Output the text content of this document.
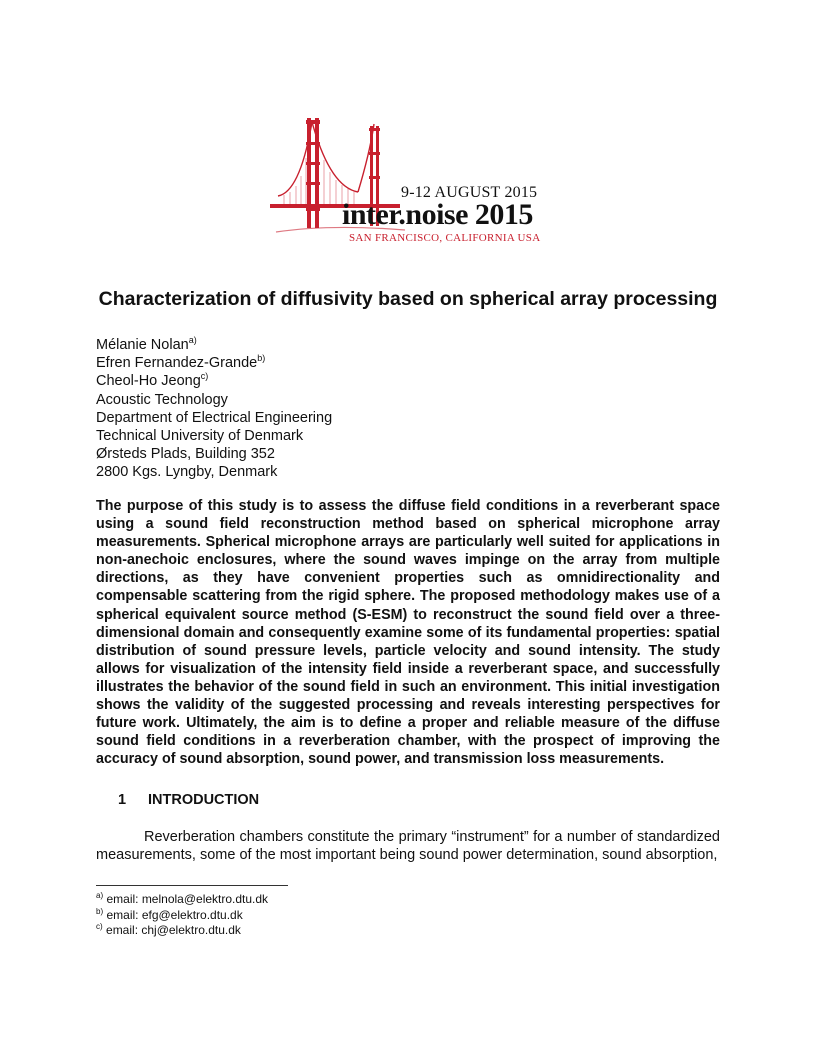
9-12 AUGUST 2015
inter.noise 2015
SAN FRANCISCO, CALIFORNIA USA
Characterization of diffusivity based on spherical array processing
Mélanie Nolan$^{a)}$
Efren Fernandez-Grande$^{b)}$
Cheol-Ho Jeong$^{c)}$
Acoustic Technology
Department of Electrical Engineering
Technical University of Denmark
Ørsteds Plads, Building 352
2800 Kgs. Lyngby, Denmark

The purpose of this study is to assess the diffuse field conditions in a reverberant space using a sound field reconstruction method based on spherical microphone array measurements. Spherical microphone arrays are particularly well suited for applications in non-anechoic enclosures, where the sound waves impinge on the array from multiple directions, as they have convenient properties such as omnidirectionality and compensable scattering from the rigid sphere. The proposed methodology makes use of a spherical equivalent source method (S-ESM) to reconstruct the sound field over a three-dimensional domain and consequently examine some of its fundamental properties: spatial distribution of sound pressure levels, particle velocity and sound intensity. The study allows for visualization of the intensity field inside a reverberant space, and successfully illustrates the behavior of the sound field in such an environment. This initial investigation shows the validity of the suggested processing and reveals interesting perspectives for future work. Ultimately, the aim is to define a proper and reliable measure of the diffuse sound field conditions in a reverberation chamber, with the prospect of improving the accuracy of sound absorption, sound power, and transmission loss measurements.

1 INTRODUCTION

Reverberation chambers constitute the primary “instrument” for a number of standardized measurements, some of the most important being sound power determination, sound absorption,

$^{a)}$ email: melnola@elektro.dtu.dk
$^{b)}$ email: efg@elektro.dtu.dk
$^{c)}$ email: chj@elektro.dtu.dk
